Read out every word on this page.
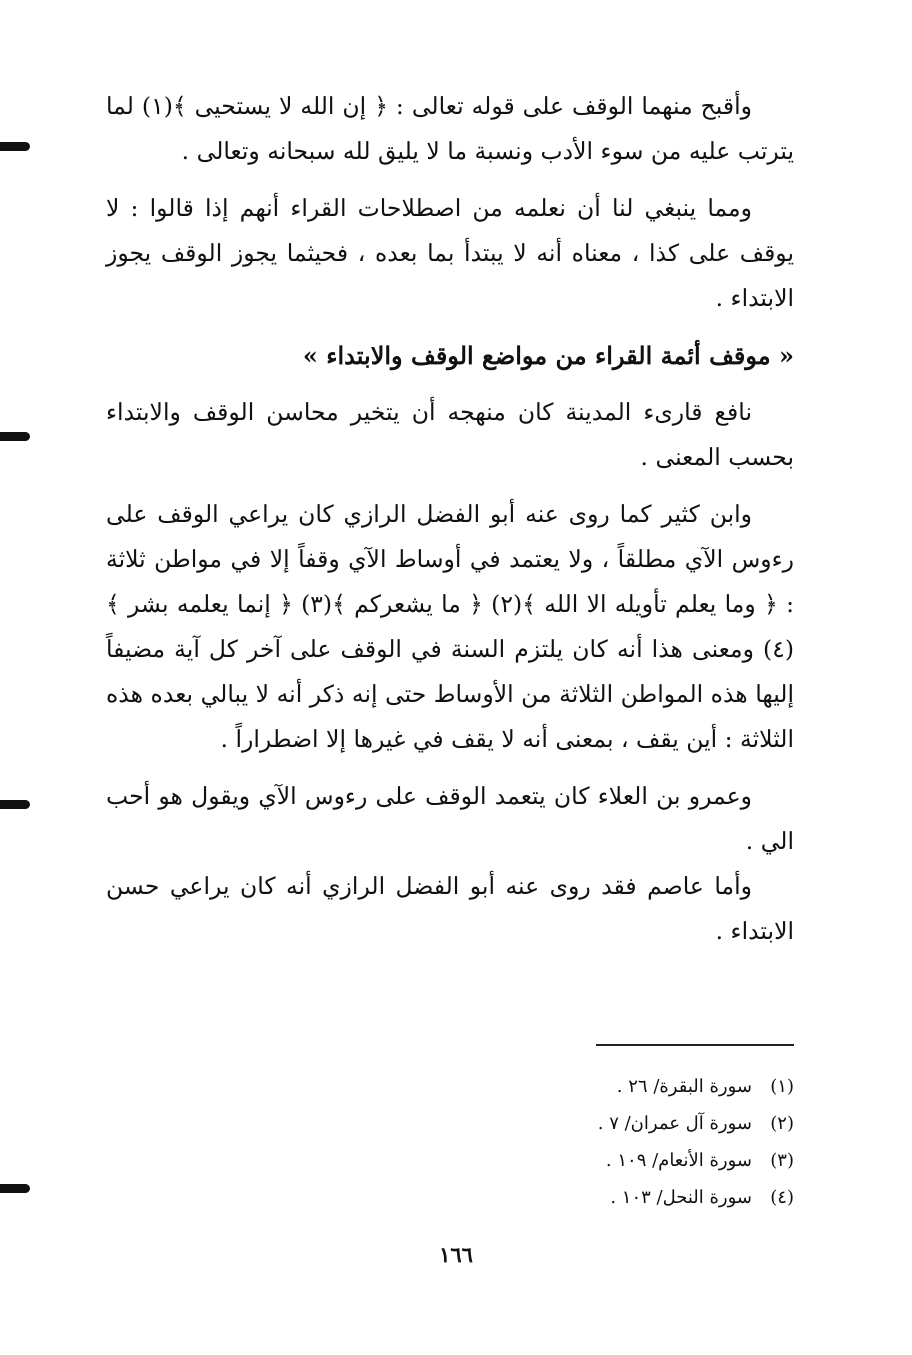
وأقبح منهما الوقف على قوله تعالى : ﴿ إن الله لا يستحيى ﴾(١) لما يترتب عليه من سوء الأدب ونسبة ما لا يليق لله سبحانه وتعالى .

ومما ينبغي لنا أن نعلمه من اصطلاحات القراء أنهم إذا قالوا : لا يوقف على كذا ، معناه أنه لا يبتدأ بما بعده ، فحيثما يجوز الوقف يجوز الابتداء .

« موقف أئمة القراء من مواضع الوقف والابتداء »

نافع قارىء المدينة كان منهجه أن يتخير محاسن الوقف والابتداء بحسب المعنى .

وابن كثير كما روى عنه أبو الفضل الرازي كان يراعي الوقف على رءوس الآي مطلقاً ، ولا يعتمد في أوساط الآي وقفاً إلا في مواطن ثلاثة : ﴿ وما يعلم تأويله الا الله ﴾(٢) ﴿ ما يشعركم ﴾(٣) ﴿ إنما يعلمه بشر ﴾(٤) ومعنى هذا أنه كان يلتزم السنة في الوقف على آخر كل آية مضيفاً إليها هذه المواطن الثلاثة من الأوساط حتى إنه ذكر أنه لا يبالي بعده هذه الثلاثة : أين يقف ، بمعنى أنه لا يقف في غيرها إلا اضطراراً .

وعمرو بن العلاء كان يتعمد الوقف على رءوس الآي ويقول هو أحب الي .

وأما عاصم فقد روى عنه أبو الفضل الرازي أنه كان يراعي حسن الابتداء .

(١)
سورة البقرة/ ٢٦ .
(٢)
سورة آل عمران/ ٧ .
(٣)
سورة الأنعام/ ١٠٩ .
(٤)
سورة النحل/ ١٠٣ .
١٦٦
